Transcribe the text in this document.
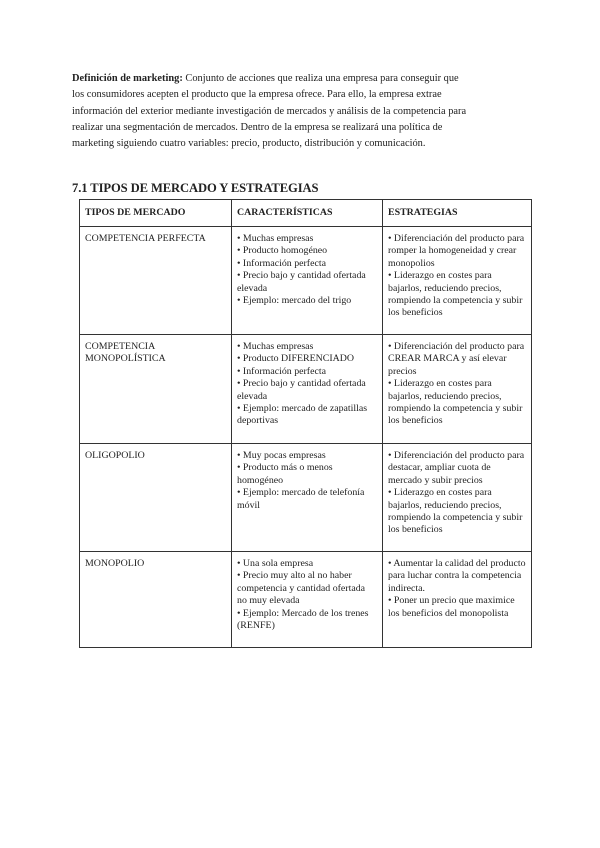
Definición de marketing: Conjunto de acciones que realiza una empresa para conseguir que los consumidores acepten el producto que la empresa ofrece. Para ello, la empresa extrae información del exterior mediante investigación de mercados y análisis de la competencia para realizar una segmentación de mercados. Dentro de la empresa se realizará una política de marketing siguiendo cuatro variables: precio, producto, distribución y comunicación.

7.1 TIPOS DE MERCADO Y ESTRATEGIAS
TIPOS DE MERCADO	CARACTERÍSTICAS	ESTRATEGIAS
COMPETENCIA PERFECTA	• Muchas empresas
• Producto homogéneo
• Información perfecta
• Precio bajo y cantidad ofertada elevada
• Ejemplo: mercado del trigo	• Diferenciación del producto para romper la homogeneidad y crear monopolios
• Liderazgo en costes para bajarlos, reduciendo precios, rompiendo la competencia y subir los beneficios

COMPETENCIA MONOPOLÍSTICA	• Muchas empresas
• Producto DIFERENCIADO
• Información perfecta
• Precio bajo y cantidad ofertada elevada
• Ejemplo: mercado de zapatillas deportivas	• Diferenciación del producto para CREAR MARCA y así elevar precios
• Liderazgo en costes para bajarlos, reduciendo precios, rompiendo la competencia y subir los beneficios

OLIGOPOLIO	• Muy pocas empresas
• Producto más o menos homogéneo
• Ejemplo: mercado de telefonía móvil	• Diferenciación del producto para destacar, ampliar cuota de mercado y subir precios
• Liderazgo en costes para bajarlos, reduciendo precios, rompiendo la competencia y subir los beneficios

MONOPOLIO	• Una sola empresa
• Precio muy alto al no haber competencia y cantidad ofertada no muy elevada
• Ejemplo: Mercado de los trenes (RENFE)	• Aumentar la calidad del producto para luchar contra la competencia indirecta.
• Poner un precio que maximice los beneficios del monopolista
